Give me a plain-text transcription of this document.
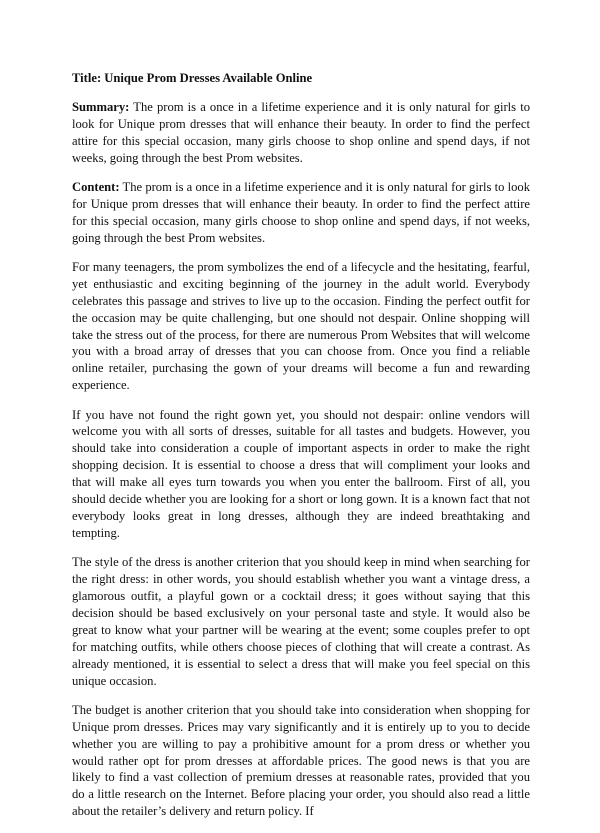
Title: Unique Prom Dresses Available Online

Summary: The prom is a once in a lifetime experience and it is only natural for girls to look for Unique prom dresses that will enhance their beauty. In order to find the perfect attire for this special occasion, many girls choose to shop online and spend days, if not weeks, going through the best Prom websites.

Content: The prom is a once in a lifetime experience and it is only natural for girls to look for Unique prom dresses that will enhance their beauty. In order to find the perfect attire for this special occasion, many girls choose to shop online and spend days, if not weeks, going through the best Prom websites.

For many teenagers, the prom symbolizes the end of a lifecycle and the hesitating, fearful, yet enthusiastic and exciting beginning of the journey in the adult world. Everybody celebrates this passage and strives to live up to the occasion. Finding the perfect outfit for the occasion may be quite challenging, but one should not despair. Online shopping will take the stress out of the process, for there are numerous Prom Websites that will welcome you with a broad array of dresses that you can choose from. Once you find a reliable online retailer, purchasing the gown of your dreams will become a fun and rewarding experience.

If you have not found the right gown yet, you should not despair: online vendors will welcome you with all sorts of dresses, suitable for all tastes and budgets. However, you should take into consideration a couple of important aspects in order to make the right shopping decision. It is essential to choose a dress that will compliment your looks and that will make all eyes turn towards you when you enter the ballroom. First of all, you should decide whether you are looking for a short or long gown. It is a known fact that not everybody looks great in long dresses, although they are indeed breathtaking and tempting.

The style of the dress is another criterion that you should keep in mind when searching for the right dress: in other words, you should establish whether you want a vintage dress, a glamorous outfit, a playful gown or a cocktail dress; it goes without saying that this decision should be based exclusively on your personal taste and style. It would also be great to know what your partner will be wearing at the event; some couples prefer to opt for matching outfits, while others choose pieces of clothing that will create a contrast. As already mentioned, it is essential to select a dress that will make you feel special on this unique occasion.

The budget is another criterion that you should take into consideration when shopping for Unique prom dresses. Prices may vary significantly and it is entirely up to you to decide whether you are willing to pay a prohibitive amount for a prom dress or whether you would rather opt for prom dresses at affordable prices. The good news is that you are likely to find a vast collection of premium dresses at reasonable rates, provided that you do a little research on the Internet. Before placing your order, you should also read a little about the retailer’s delivery and return policy. If
